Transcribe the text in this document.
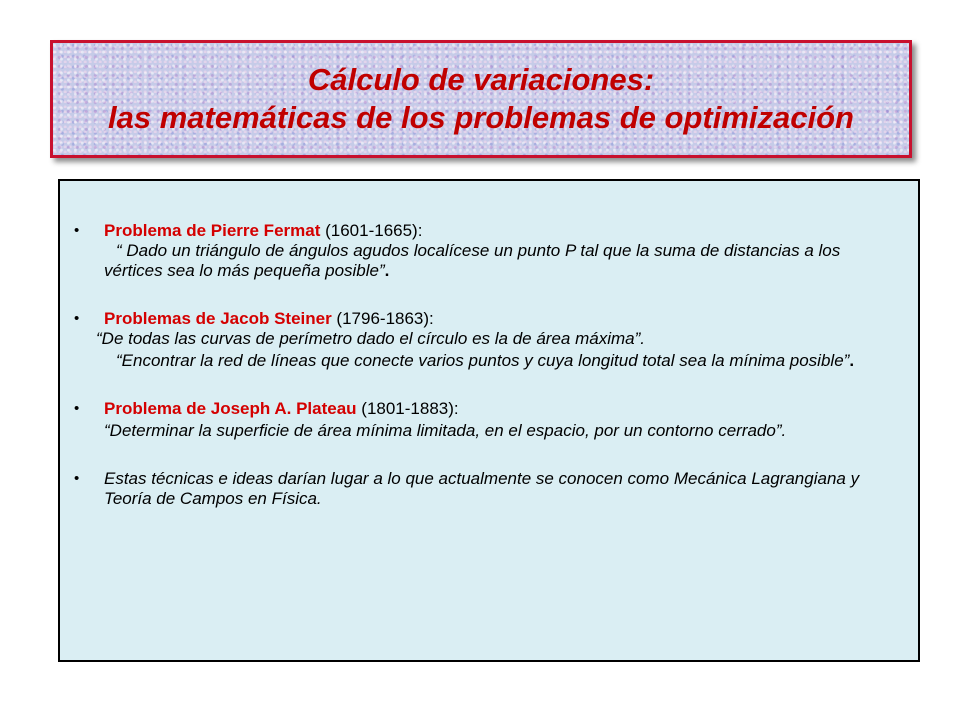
Cálculo de variaciones:
las matemáticas de los problemas de optimización
• Problema de Pierre Fermat (1601-1665):

“ Dado un triángulo de ángulos agudos localícese un punto P tal que la suma de distancias a los vértices sea lo más pequeña posible”.

• Problemas de Jacob Steiner (1796-1863):

“De todas las curvas de perímetro dado el círculo es la de área máxima”.

“Encontrar la red de líneas que conecte varios puntos y cuya longitud total sea la mínima posible”.

• Problema de Joseph A. Plateau (1801-1883):

“Determinar la superficie de área mínima limitada, en el espacio, por un contorno cerrado”.

• Estas técnicas e ideas darían lugar a lo que actualmente se conocen como Mecánica Lagrangiana y Teoría de Campos en Física.
